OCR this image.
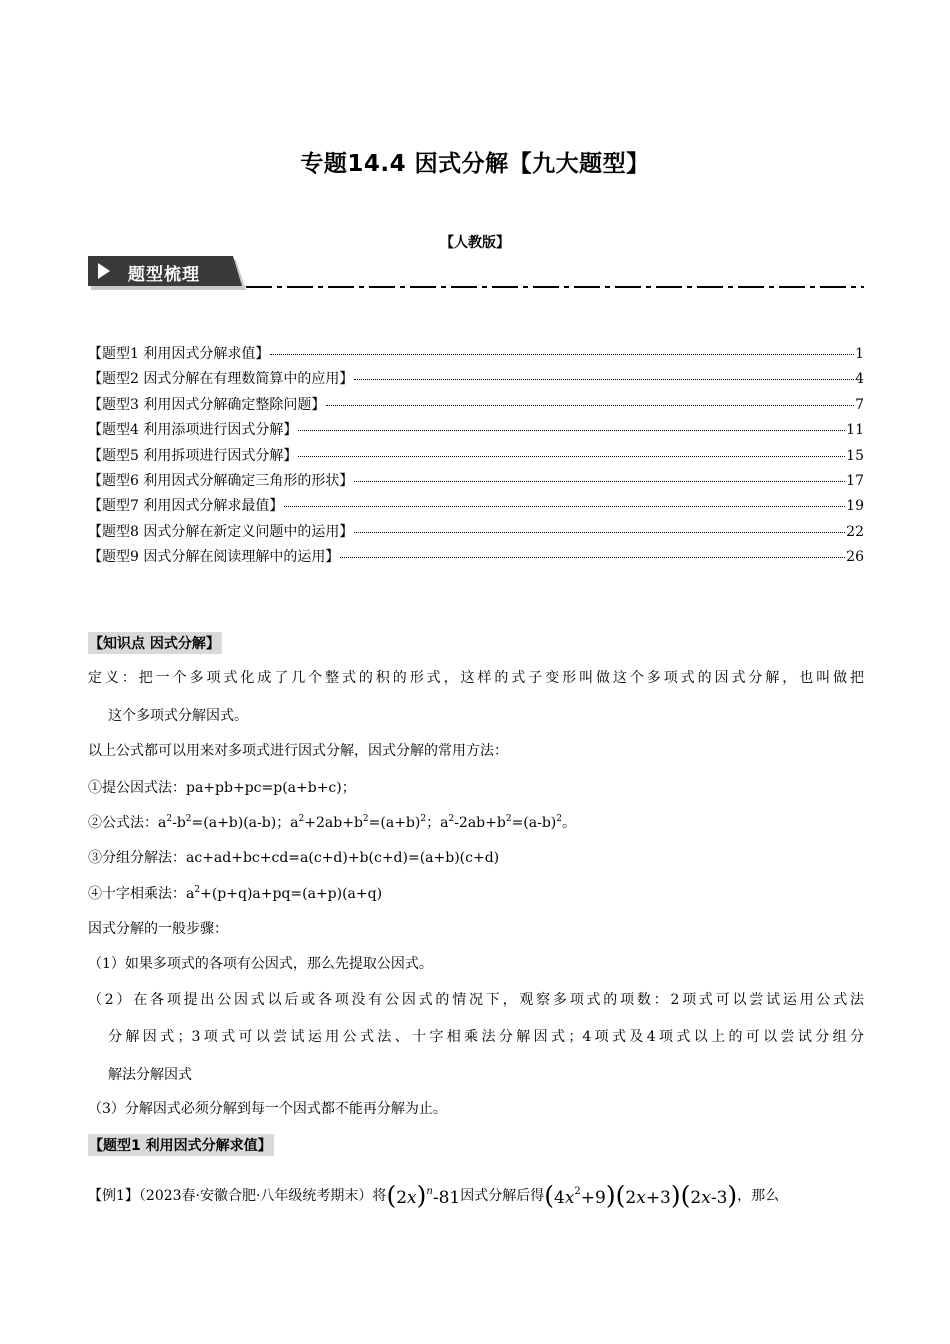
专题14.4 因式分解【九大题型】
【人教版】
题型梳理
【题型1 利用因式分解求值】	1
【题型2 因式分解在有理数简算中的应用】	4
【题型3 利用因式分解确定整除问题】	7
【题型4 利用添项进行因式分解】	11
【题型5 利用拆项进行因式分解】	15
【题型6 利用因式分解确定三角形的形状】	17
【题型7 利用因式分解求最值】	19
【题型8 因式分解在新定义问题中的运用】	22
【题型9 因式分解在阅读理解中的运用】	26
【知识点 因式分解】
定义：把一个多项式化成了几个整式的积的形式，这样的式子变形叫做这个多项式的因式分解，也叫做把
这个多项式分解因式。
以上公式都可以用来对多项式进行因式分解，因式分解的常用方法：
①提公因式法：pa+pb+pc=p(a+b+c)；
②公式法：$a^2-b^2=(a+b)(a-b)$；$a^2+2ab+b^2=(a+b)^2$；$a^2-2ab+b^2=(a-b)^2$。
③分组分解法：ac+ad+bc+cd=a(c+d)+b(c+d)=(a+b)(c+d)
④十字相乘法：$a^2+(p+q)a+pq=(a+p)(a+q)$
因式分解的一般步骤：
（1）如果多项式的各项有公因式，那么先提取公因式。
（2）在各项提出公因式以后或各项没有公因式的情况下，观察多项式的项数：2项式可以尝试运用公式法
分解因式；3项式可以尝试运用公式法、十字相乘法分解因式；4项式及4项式以上的可以尝试分组分
解法分解因式
（3）分解因式必须分解到每一个因式都不能再分解为止。
【题型1 利用因式分解求值】
【例1】（2023春·安徽合肥·八年级统考期末）将 $(2x)^n-81$ 因式分解后得 $(4x^2+9)(2x+3)(2x-3)$ ，那么
